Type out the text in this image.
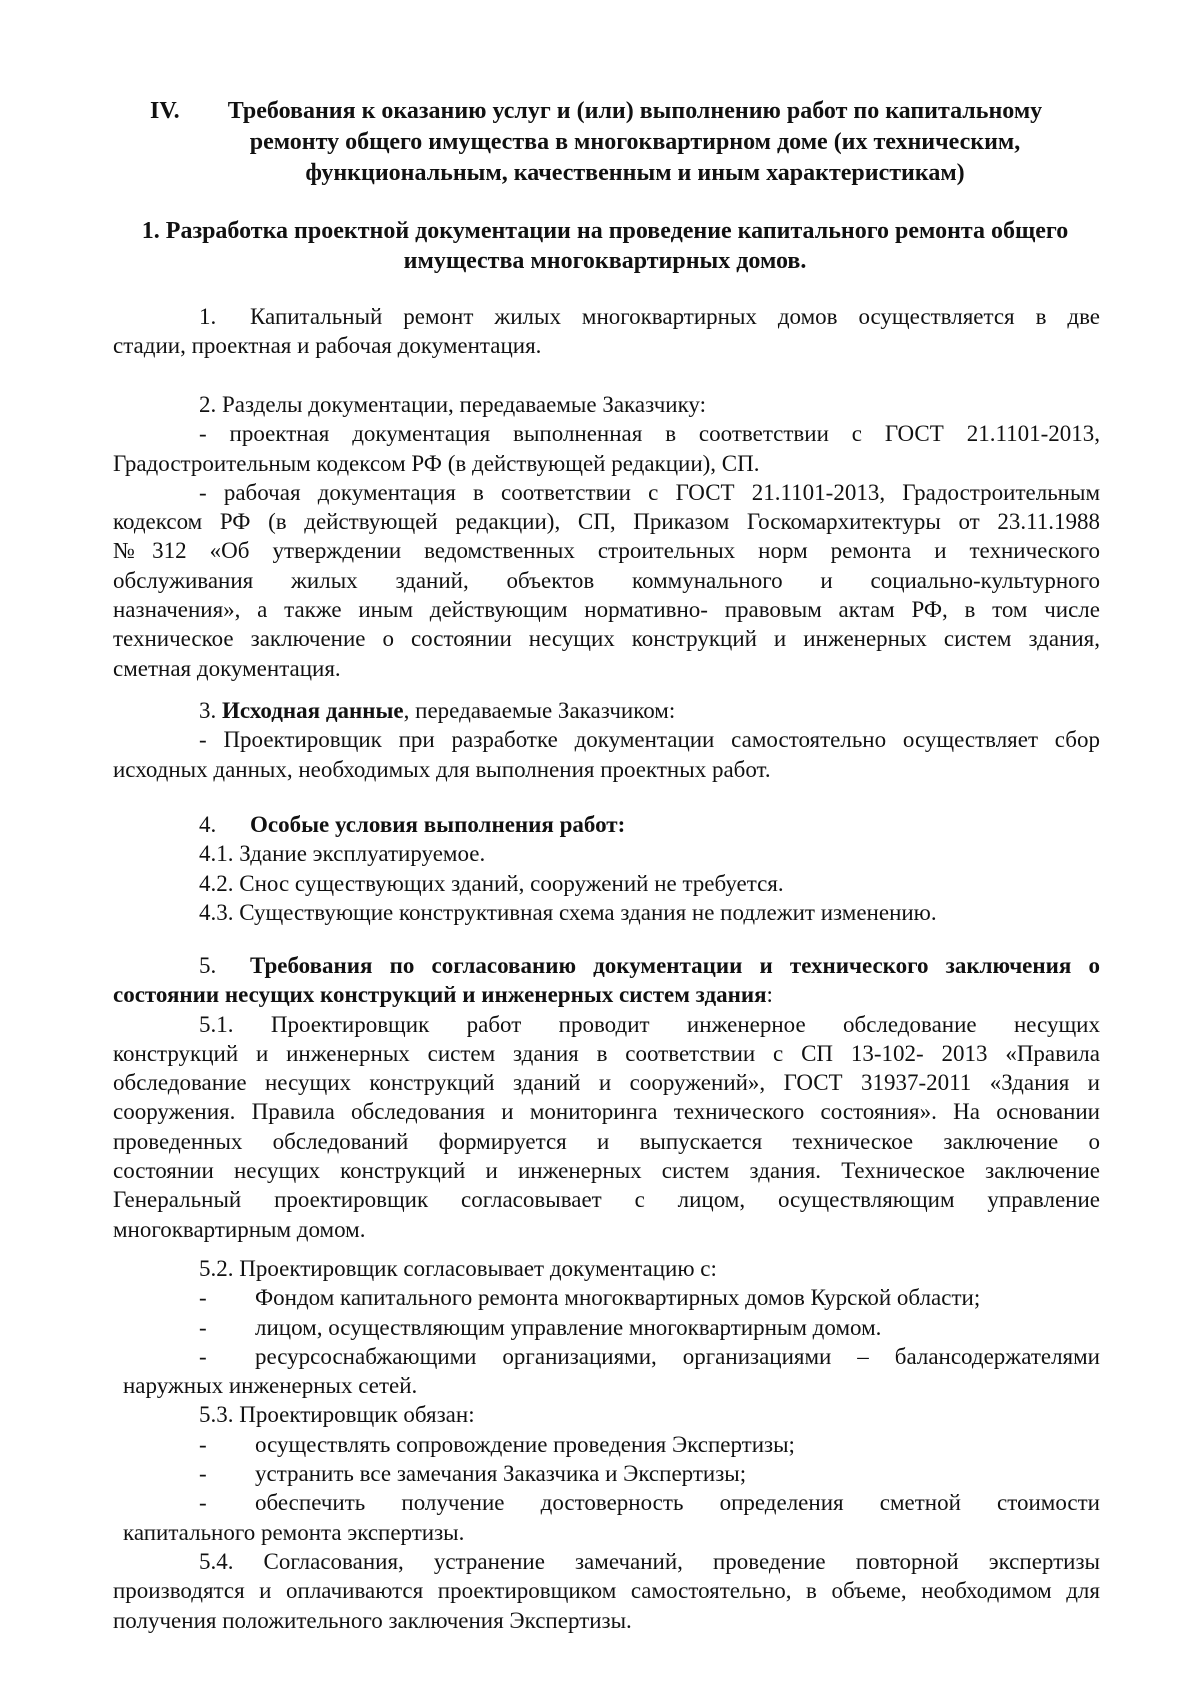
IV.	Требования к оказанию услуг и (или) выполнению работ по капитальному
ремонту общего имущества в многоквартирном доме (их техническим,
функциональным, качественным и иным характеристикам)
1. Разработка проектной документации на проведение капитального ремонта общего
имущества многоквартирных домов.
1. Капитальный ремонт жилых многоквартирных домов осуществляется в две
стадии, проектная и рабочая документация.
2. Разделы документации, передаваемые Заказчику:
- проектная документация выполненная в соответствии с ГОСТ 21.1101-2013,
Градостроительным кодексом РФ (в действующей редакции), СП.
- рабочая документация в соответствии с ГОСТ 21.1101-2013, Градостроительным
кодексом РФ (в действующей редакции), СП, Приказом Госкомархитектуры от 23.11.1988
№312 «Об утверждении ведомственных строительных норм ремонта и технического
обслуживания жилых зданий, объектов коммунального и социально-культурного
назначения», а также иным действующим нормативно- правовым актам РФ, в том числе
техническое заключение о состоянии несущих конструкций и инженерных систем здания,
сметная документация.
3. Исходная данные, передаваемые Заказчиком:
- Проектировщик при разработке документации самостоятельно осуществляет сбор
исходных данных, необходимых для выполнения проектных работ.
4. Особые условия выполнения работ:
4.1. Здание эксплуатируемое.
4.2. Снос существующих зданий, сооружений не требуется.
4.3. Существующие конструктивная схема здания не подлежит изменению.
5. Требования по согласованию документации и технического заключения о
состоянии несущих конструкций и инженерных систем здания:
5.1. Проектировщик работ проводит инженерное обследование несущих
конструкций и инженерных систем здания в соответствии с СП 13-102- 2013 «Правила
обследование несущих конструкций зданий и сооружений», ГОСТ 31937-2011 «Здания и
сооружения. Правила обследования и мониторинга технического состояния». На основании
проведенных обследований формируется и выпускается техническое заключение о
состоянии несущих конструкций и инженерных систем здания. Техническое заключение
Генеральный проектировщик согласовывает с лицом, осуществляющим управление
многоквартирным домом.
5.2. Проектировщик согласовывает документацию с:
- Фондом капитального ремонта многоквартирных домов Курской области;
- лицом, осуществляющим управление многоквартирным домом.
- ресурсоснабжающими организациями, организациями – балансодержателями
наружных инженерных сетей.
5.3. Проектировщик обязан:
- осуществлять сопровождение проведения Экспертизы;
- устранить все замечания Заказчика и Экспертизы;
- обеспечить получение достоверность определения сметной стоимости
капитального ремонта экспертизы.
5.4. Согласования, устранение замечаний, проведение повторной экспертизы
производятся и оплачиваются проектировщиком самостоятельно, в объеме, необходимом для
получения положительного заключения Экспертизы.
